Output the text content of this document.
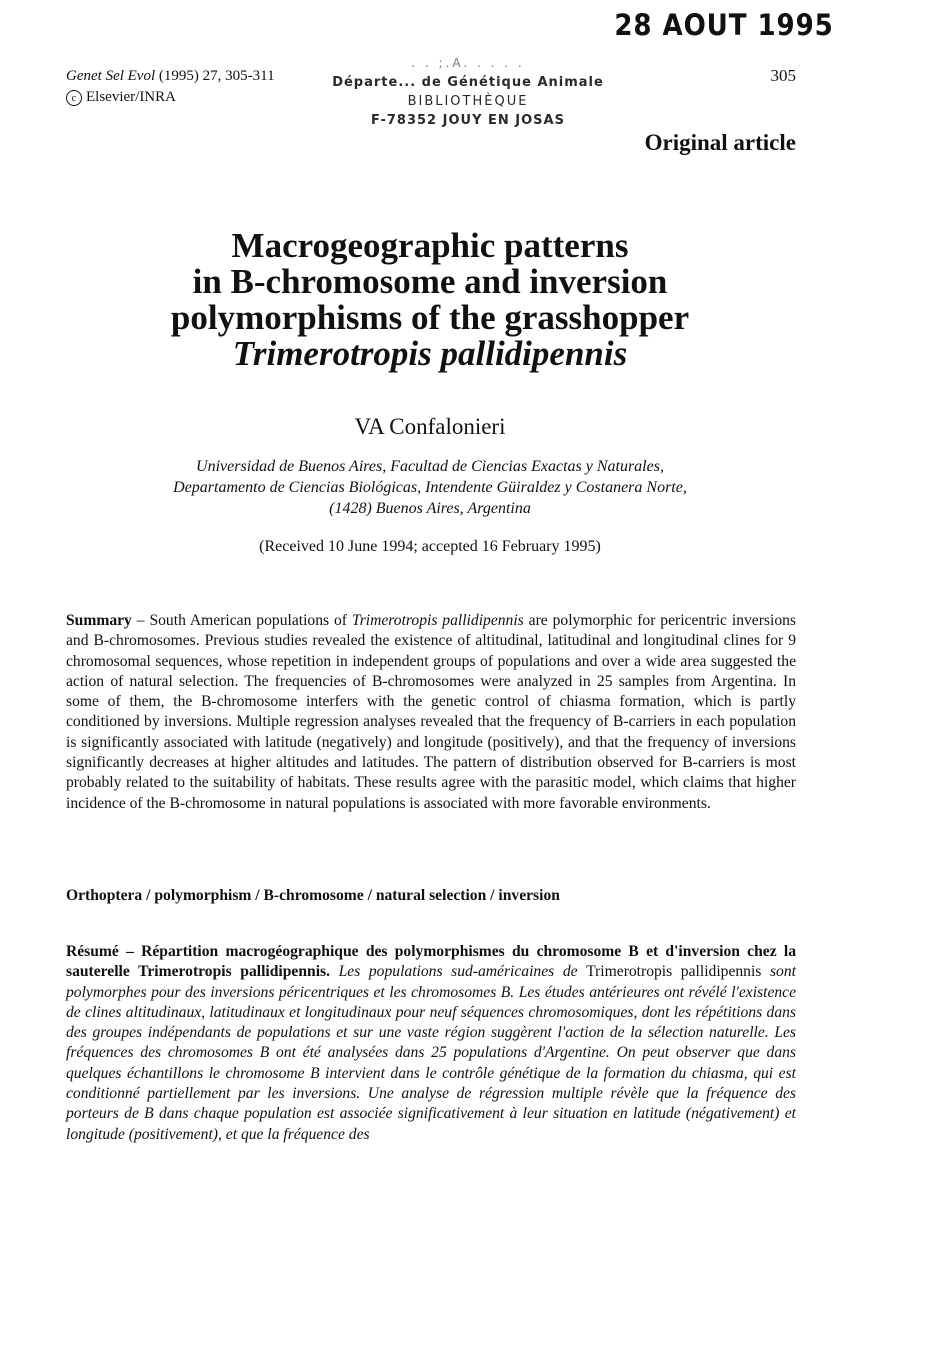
28 AOUT 1995
Genet Sel Evol (1995) 27, 305-311
c Elsevier/INRA
. . ;.A. . . . .
Départe... de Génétique Animale
BIBLIOTHÈQUE
F-78352 JOUY EN JOSAS
305
Original article
Macrogeographic patterns
in B-chromosome and inversion
polymorphisms of the grasshopper
Trimerotropis pallidipennis
VA Confalonieri
Universidad de Buenos Aires, Facultad de Ciencias Exactas y Naturales,
Departamento de Ciencias Biológicas, Intendente Güiraldez y Costanera Norte,
(1428) Buenos Aires, Argentina
(Received 10 June 1994; accepted 16 February 1995)

Summary – South American populations of Trimerotropis pallidipennis are polymorphic for pericentric inversions and B-chromosomes. Previous studies revealed the existence of altitudinal, latitudinal and longitudinal clines for 9 chromosomal sequences, whose repetition in independent groups of populations and over a wide area suggested the action of natural selection. The frequencies of B-chromosomes were analyzed in 25 samples from Argentina. In some of them, the B-chromosome interfers with the genetic control of chiasma formation, which is partly conditioned by inversions. Multiple regression analyses revealed that the frequency of B-carriers in each population is significantly associated with latitude (negatively) and longitude (positively), and that the frequency of inversions significantly decreases at higher altitudes and latitudes. The pattern of distribution observed for B-carriers is most probably related to the suitability of habitats. These results agree with the parasitic model, which claims that higher incidence of the B-chromosome in natural populations is associated with more favorable environments.

Orthoptera / polymorphism / B-chromosome / natural selection / inversion

Résumé – Répartition macrogéographique des polymorphismes du chromosome B et d'inversion chez la sauterelle Trimerotropis pallidipennis. Les populations sud-américaines de Trimerotropis pallidipennis sont polymorphes pour des inversions péricentriques et les chromosomes B. Les études antérieures ont révélé l'existence de clines altitudinaux, latitudinaux et longitudinaux pour neuf séquences chromosomiques, dont les répétitions dans des groupes indépendants de populations et sur une vaste région suggèrent l'action de la sélection naturelle. Les fréquences des chromosomes B ont été analysées dans 25 populations d'Argentine. On peut observer que dans quelques échantillons le chromosome B intervient dans le contrôle génétique de la formation du chiasma, qui est conditionné partiellement par les inversions. Une analyse de régression multiple révèle que la fréquence des porteurs de B dans chaque population est associée significativement à leur situation en latitude (négativement) et longitude (positivement), et que la fréquence des
